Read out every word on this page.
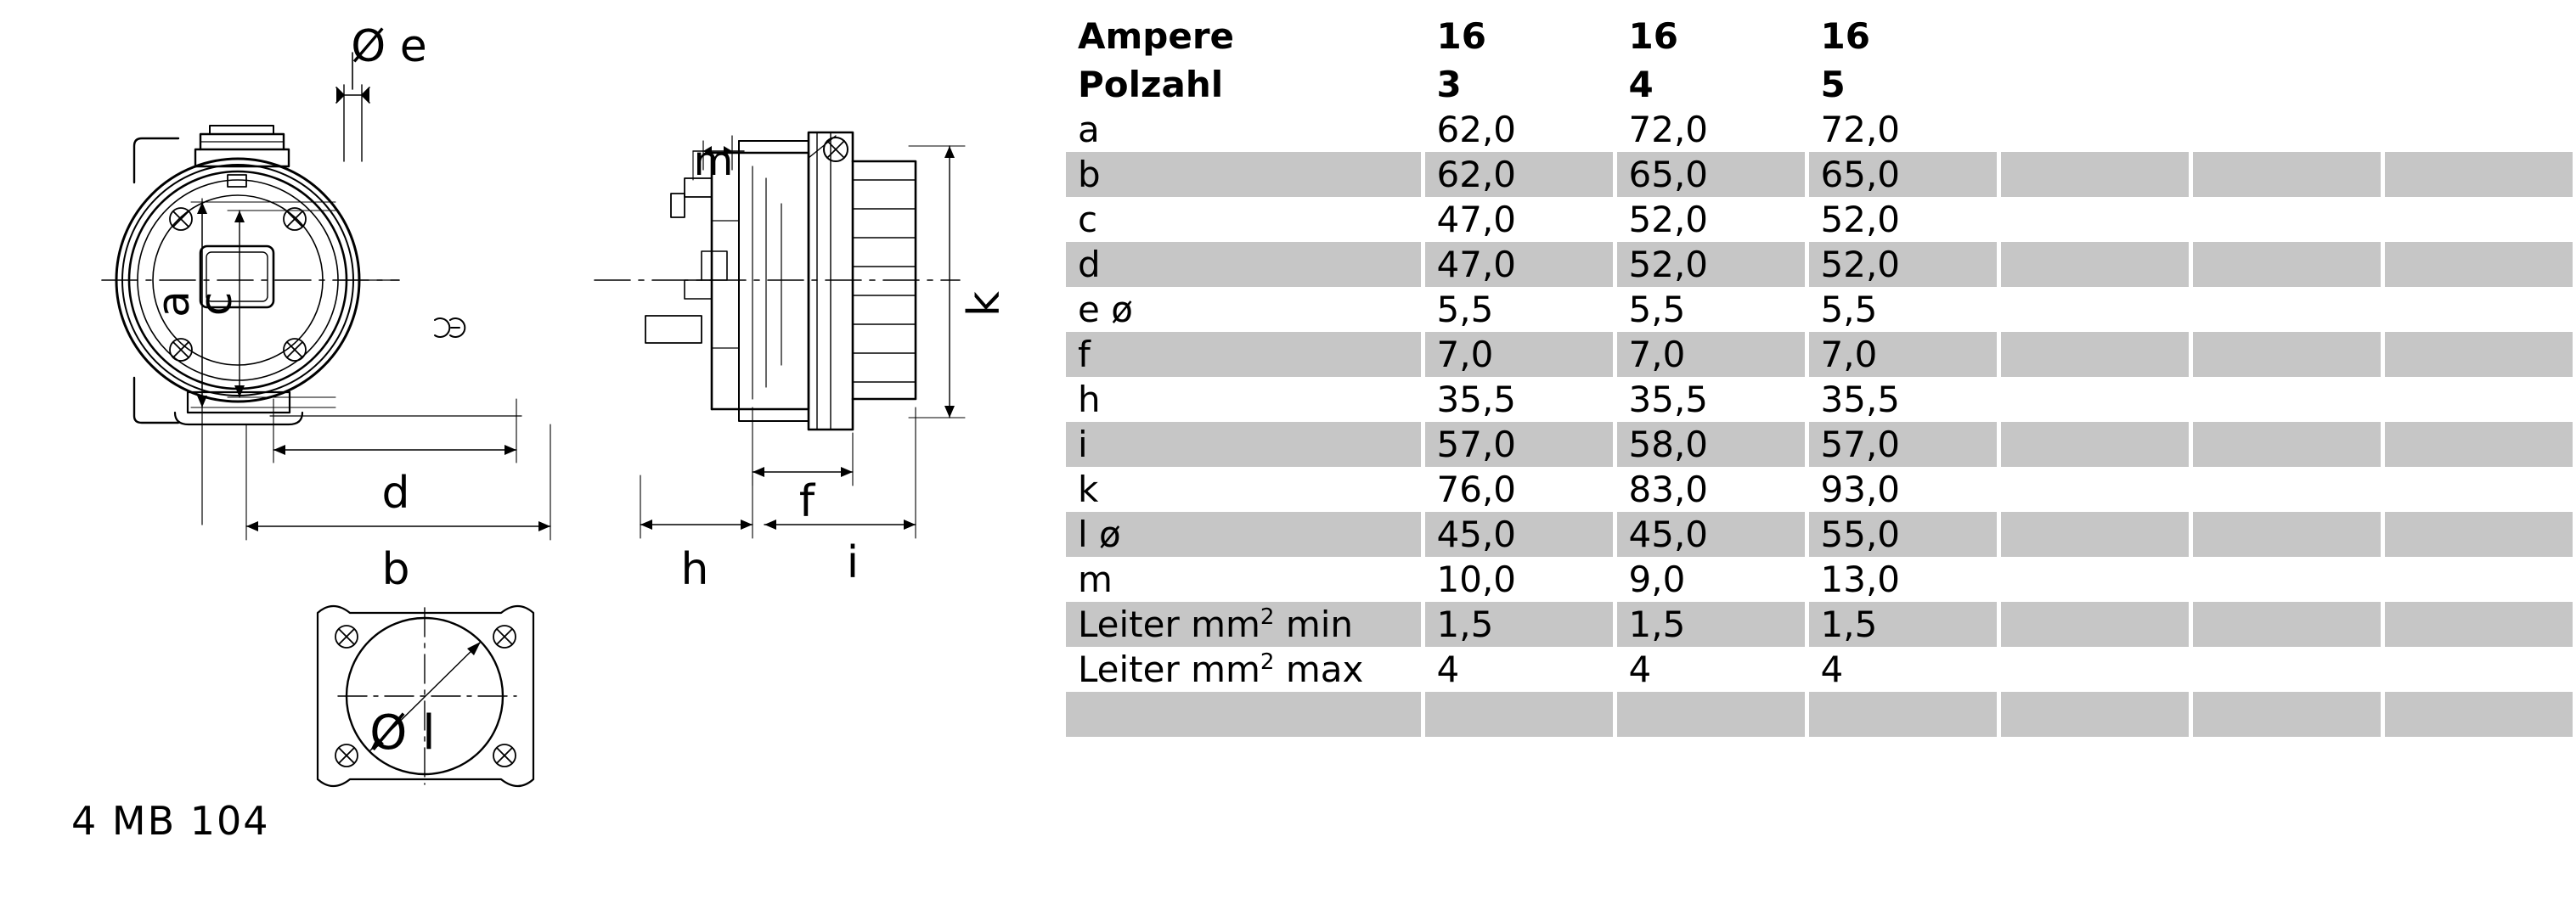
Ø e
a
c
d
b
m
k
f
h	i
Ø l
4 MB 104
Ampere	16	16	16			
Polzahl	3	4	5			
a	62,0	72,0	72,0			
b	62,0	65,0	65,0			
c	47,0	52,0	52,0			
d	47,0	52,0	52,0			
e ø	5,5	5,5	5,5			
f	7,0	7,0	7,0			
h	35,5	35,5	35,5			
i	57,0	58,0	57,0			
k	76,0	83,0	93,0			
l ø	45,0	45,0	55,0			
m	10,0	9,0	13,0			
Leiter $mm^2$ min	1,5	1,5	1,5			
Leiter $mm^2$ max	4	4	4			
